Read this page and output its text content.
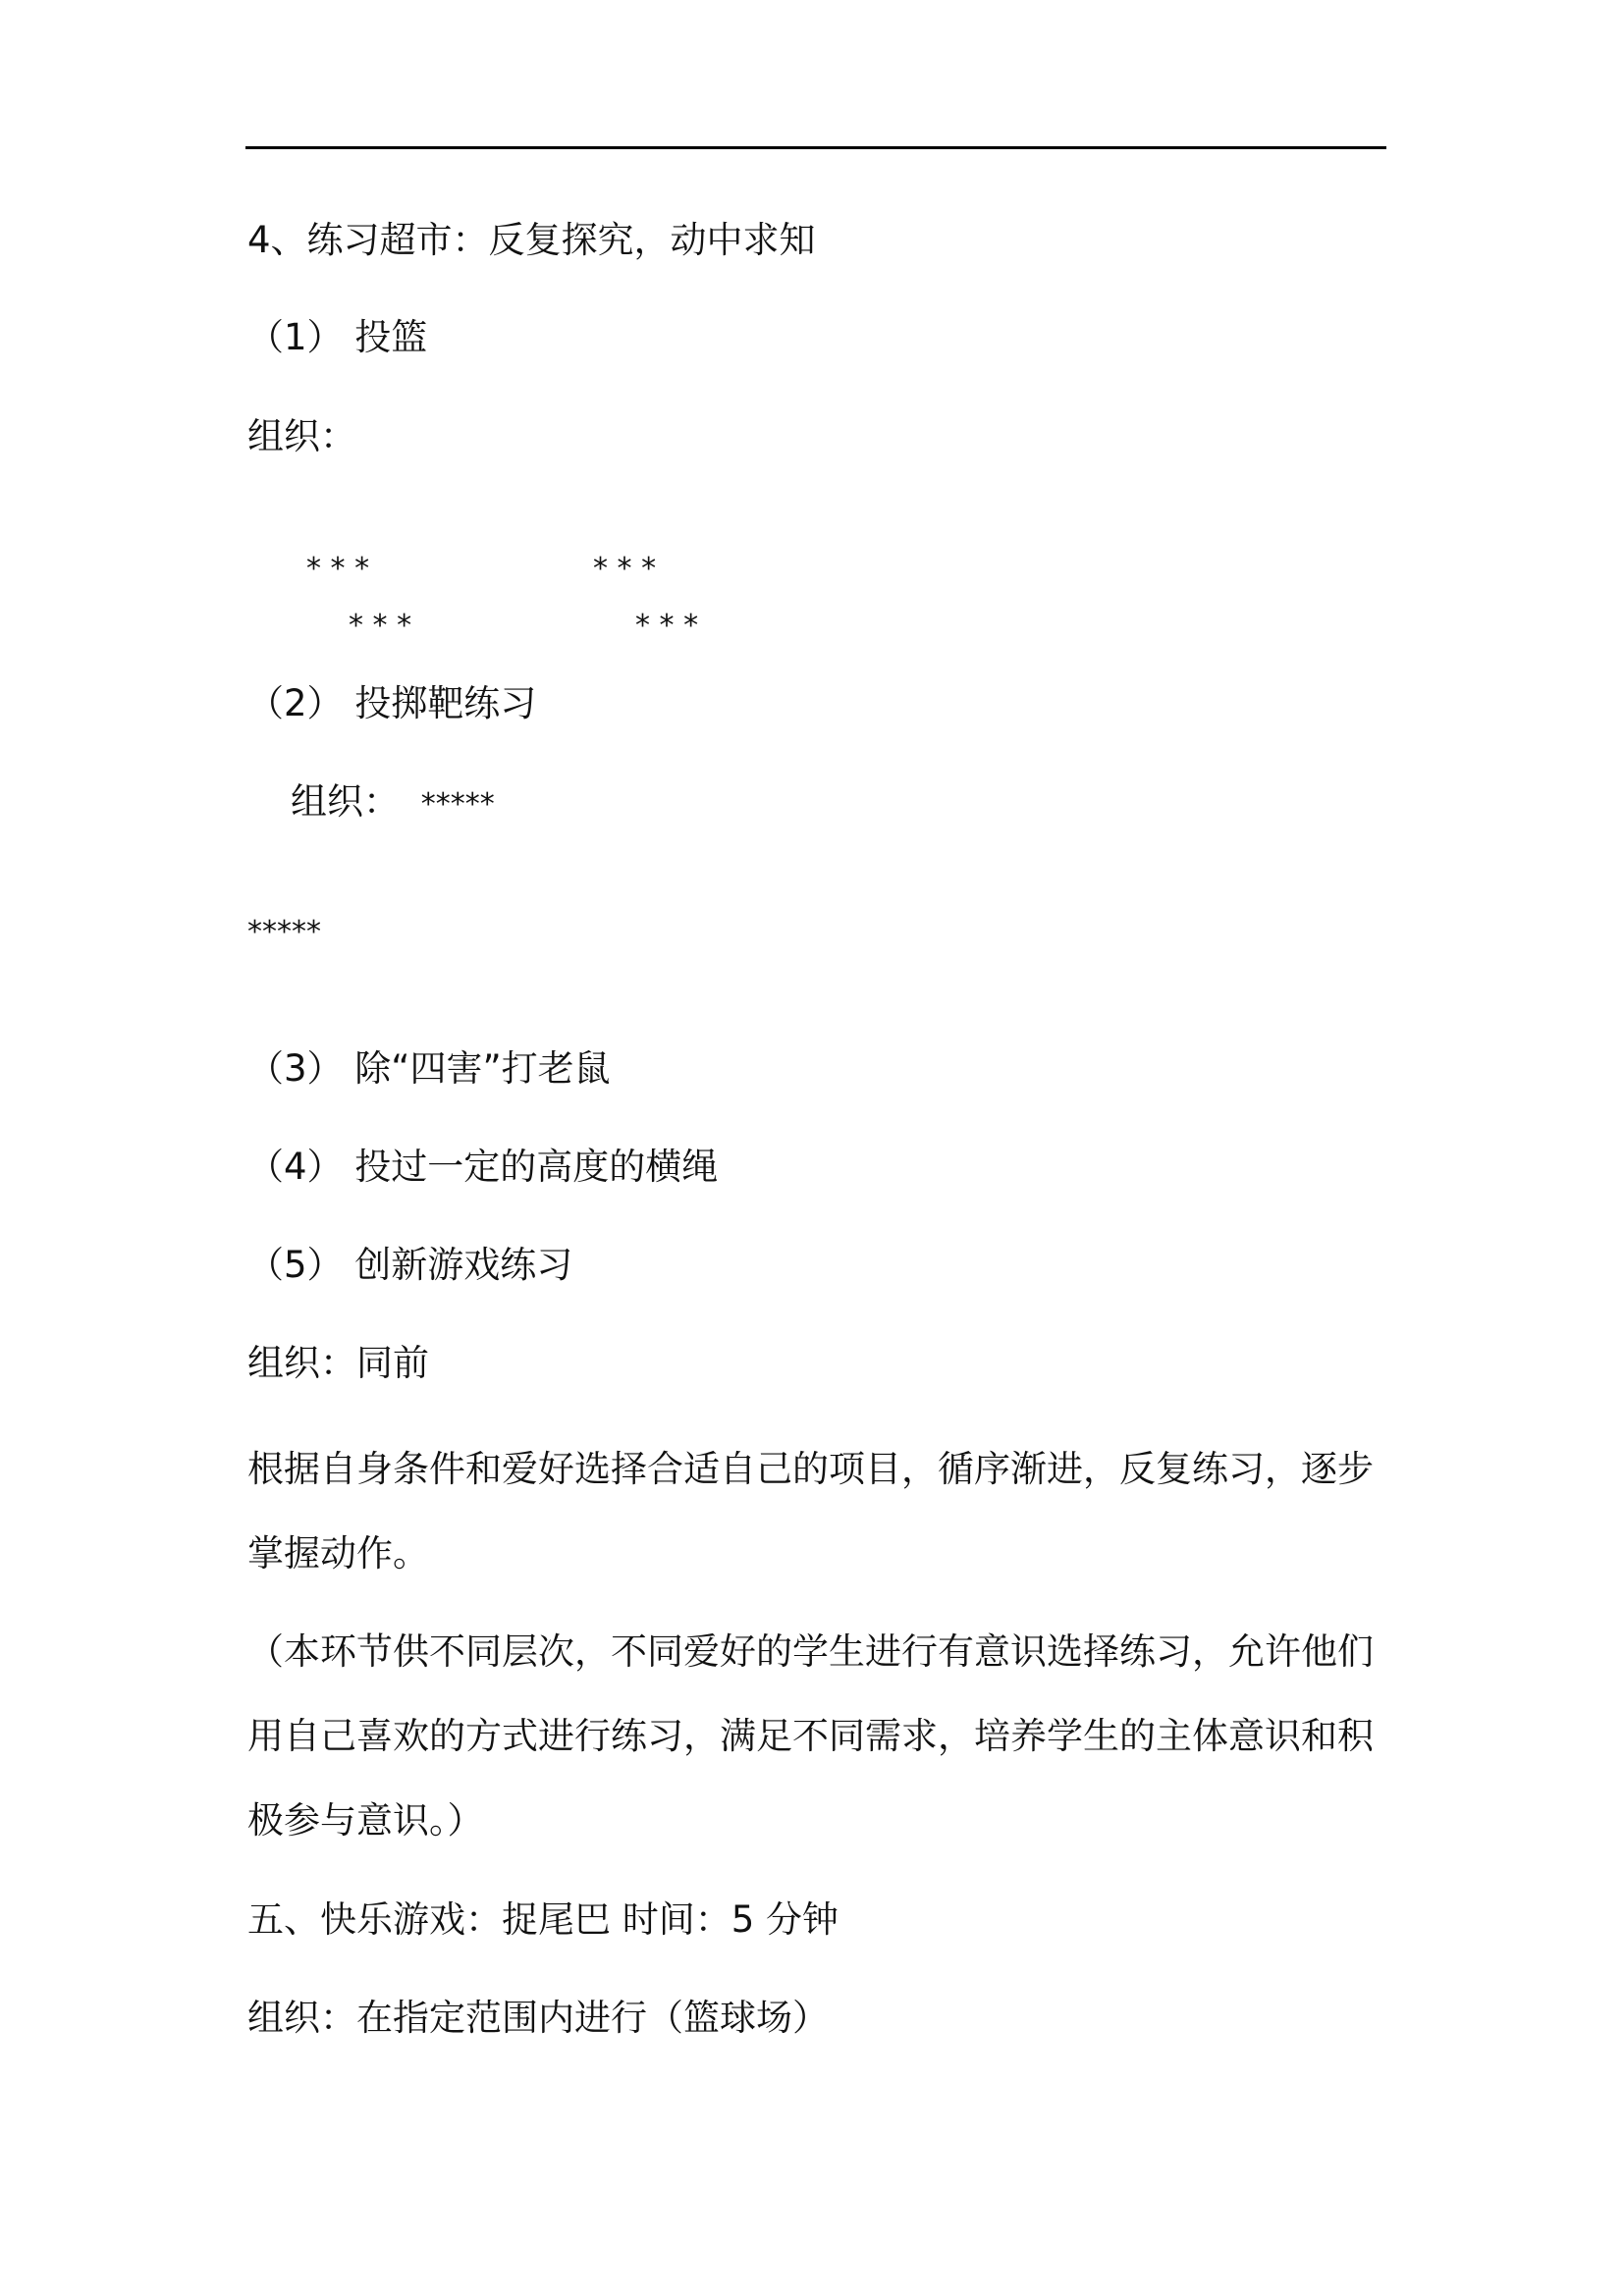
4、练习超市：反复探究，动中求知

（1） 投篮

组织：

* * *	* * *
* * *	* * *

（2） 投掷靶练习

组织： *****

*****

（3） 除“四害”打老鼠

（4） 投过一定的高度的横绳

（5） 创新游戏练习

组织：同前

根据自身条件和爱好选择合适自己的项目，循序渐进，反复练习，逐步

掌握动作。

（本环节供不同层次，不同爱好的学生进行有意识选择练习，允许他们

用自己喜欢的方式进行练习，满足不同需求，培养学生的主体意识和积

极参与意识。）

五、快乐游戏：捉尾巴 时间：5 分钟

组织：在指定范围内进行（篮球场）
